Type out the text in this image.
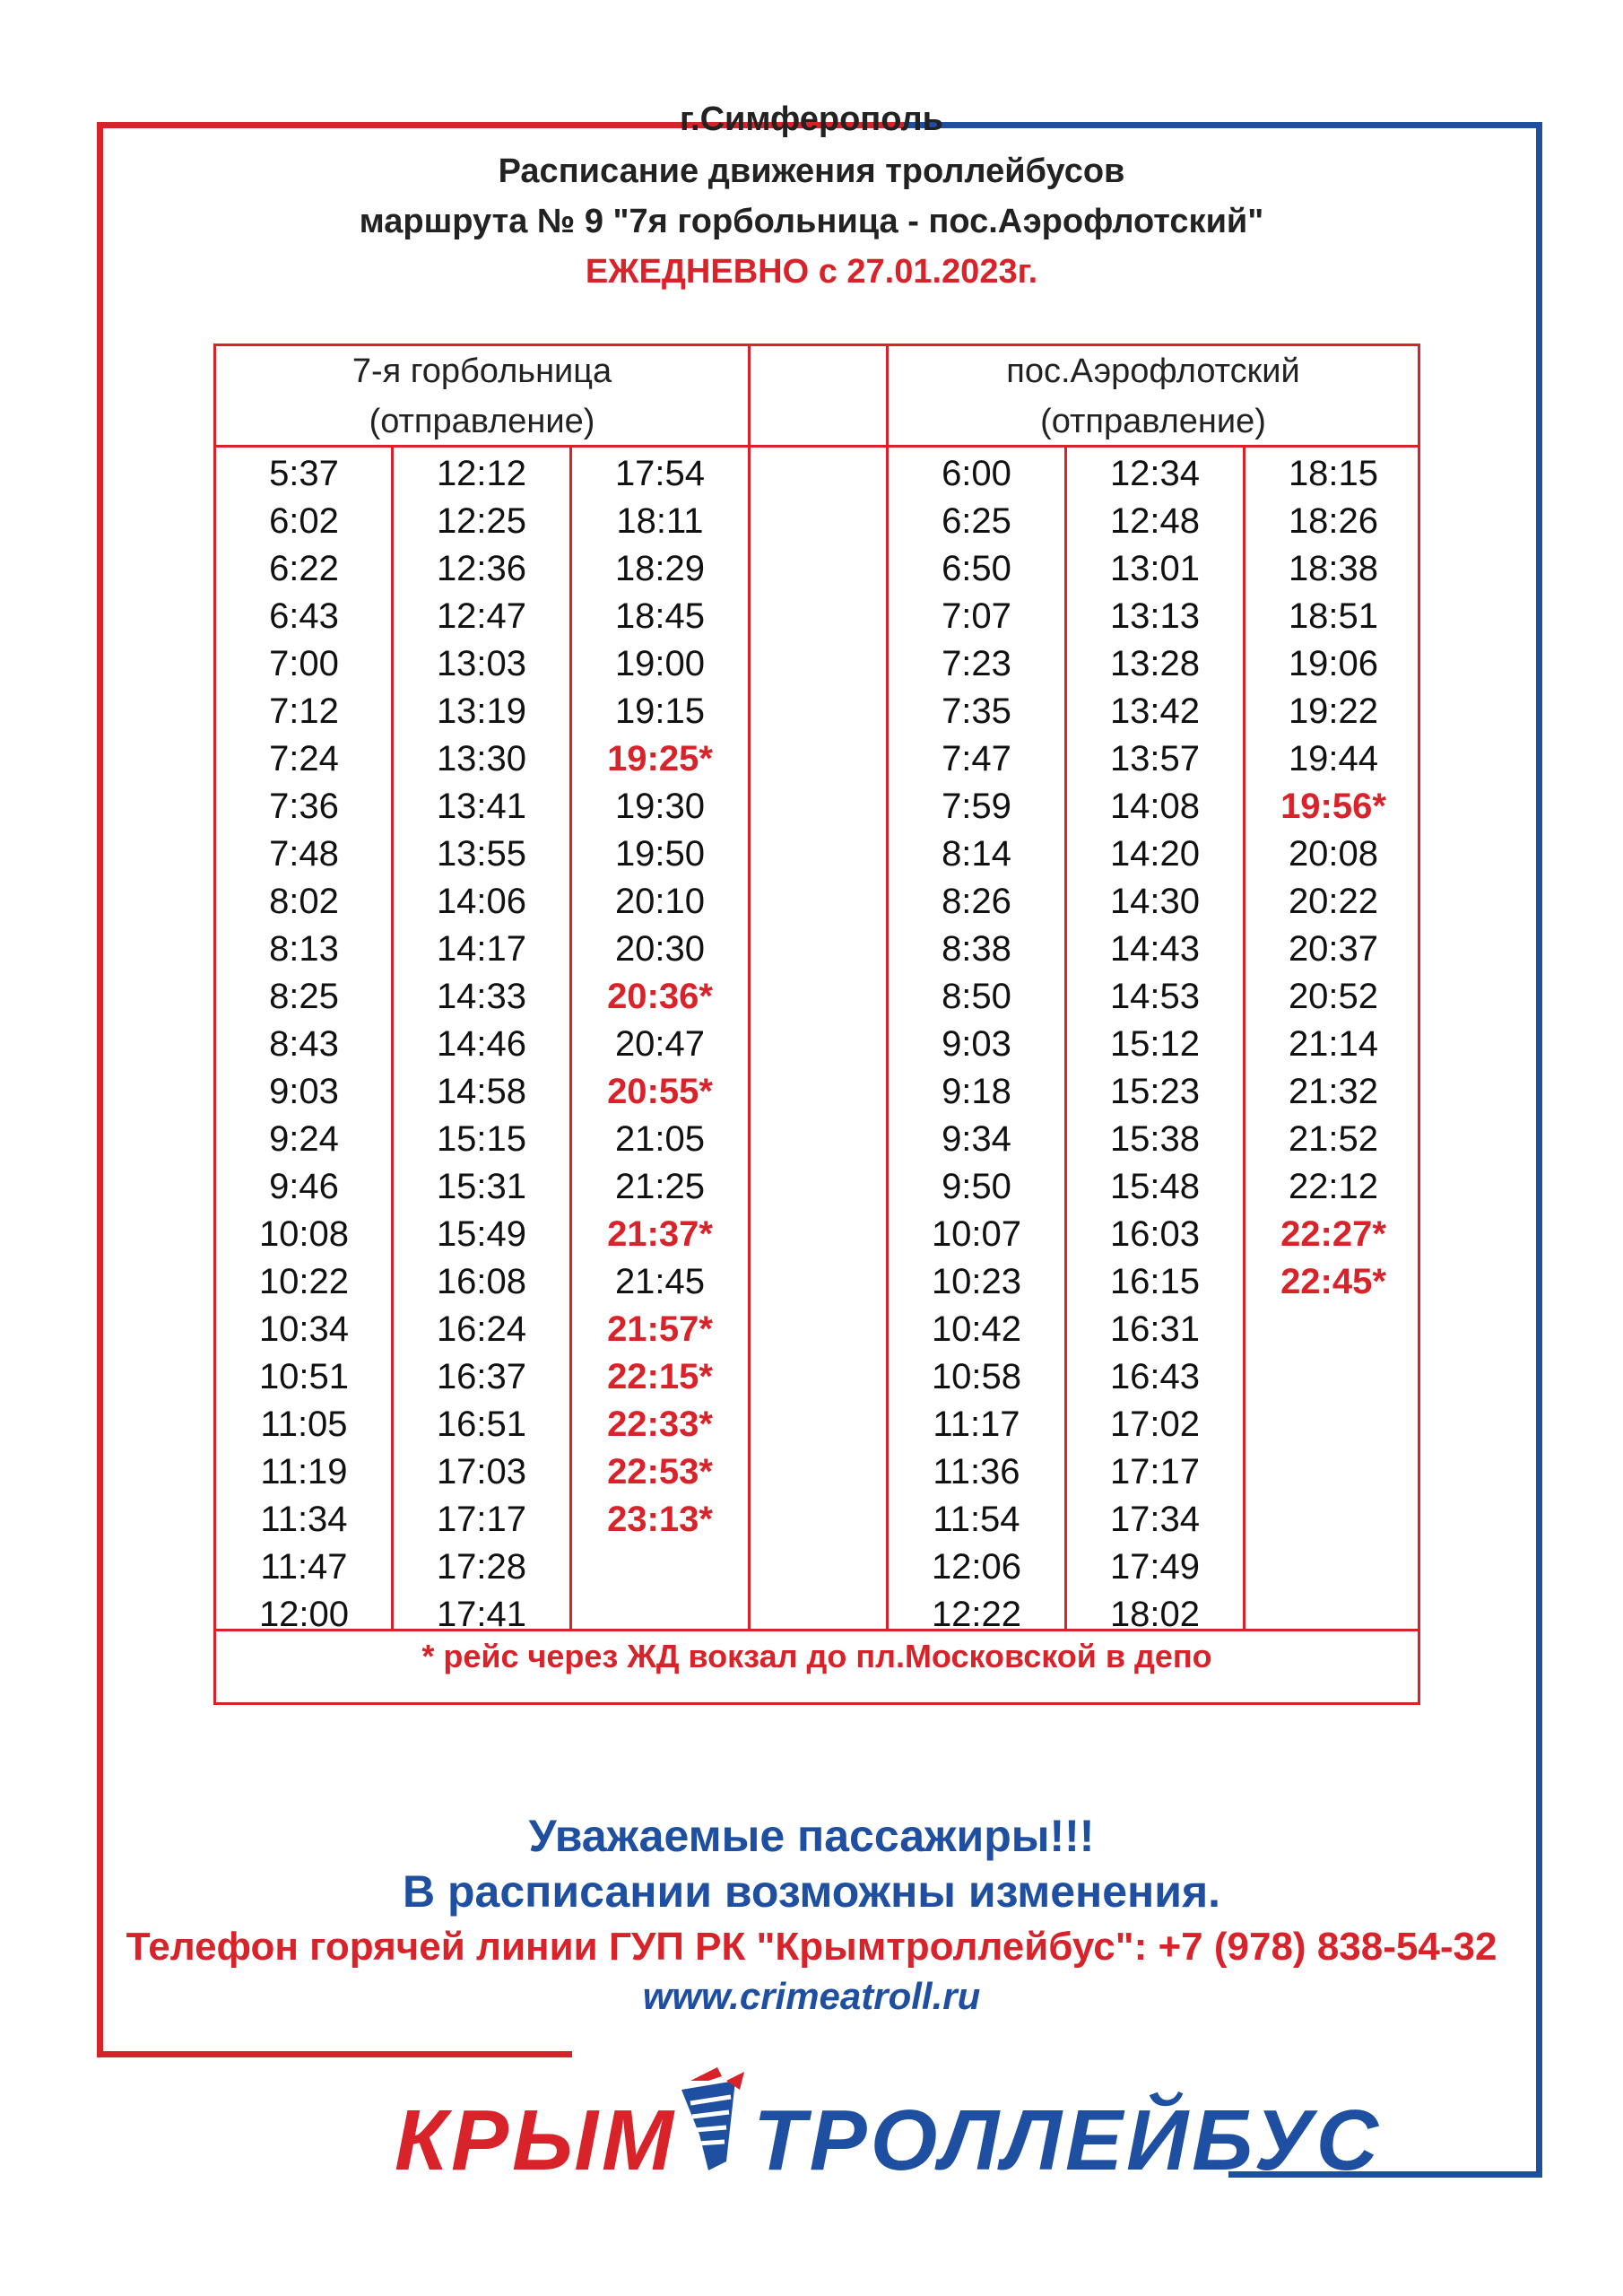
г.Симферополь
Расписание движения троллейбусов
маршрута № 9 "7я горбольница - пос.Аэрофлотский"
ЕЖЕДНЕВНО с 27.01.2023г.
7-я горбольница
(отправление)
пос.Аэрофлотский
(отправление)
5:37
6:02
6:22
6:43
7:00
7:12
7:24
7:36
7:48
8:02
8:13
8:25
8:43
9:03
9:24
9:46
10:08
10:22
10:34
10:51
11:05
11:19
11:34
11:47
12:00
12:12
12:25
12:36
12:47
13:03
13:19
13:30
13:41
13:55
14:06
14:17
14:33
14:46
14:58
15:15
15:31
15:49
16:08
16:24
16:37
16:51
17:03
17:17
17:28
17:41
17:54
18:11
18:29
18:45
19:00
19:15
19:25*
19:30
19:50
20:10
20:30
20:36*
20:47
20:55*
21:05
21:25
21:37*
21:45
21:57*
22:15*
22:33*
22:53*
23:13*
6:00
6:25
6:50
7:07
7:23
7:35
7:47
7:59
8:14
8:26
8:38
8:50
9:03
9:18
9:34
9:50
10:07
10:23
10:42
10:58
11:17
11:36
11:54
12:06
12:22
12:34
12:48
13:01
13:13
13:28
13:42
13:57
14:08
14:20
14:30
14:43
14:53
15:12
15:23
15:38
15:48
16:03
16:15
16:31
16:43
17:02
17:17
17:34
17:49
18:02
18:15
18:26
18:38
18:51
19:06
19:22
19:44
19:56*
20:08
20:22
20:37
20:52
21:14
21:32
21:52
22:12
22:27*
22:45*
* рейс через ЖД вокзал до пл.Московской в депо
Уважаемые пассажиры!!!
В расписании возможны изменения.
Телефон горячей линии ГУП РК "Крымтроллейбус": +7 (978) 838-54-32
www.crimeatroll.ru
КРЫМ ТРОЛЛЕЙБУС
